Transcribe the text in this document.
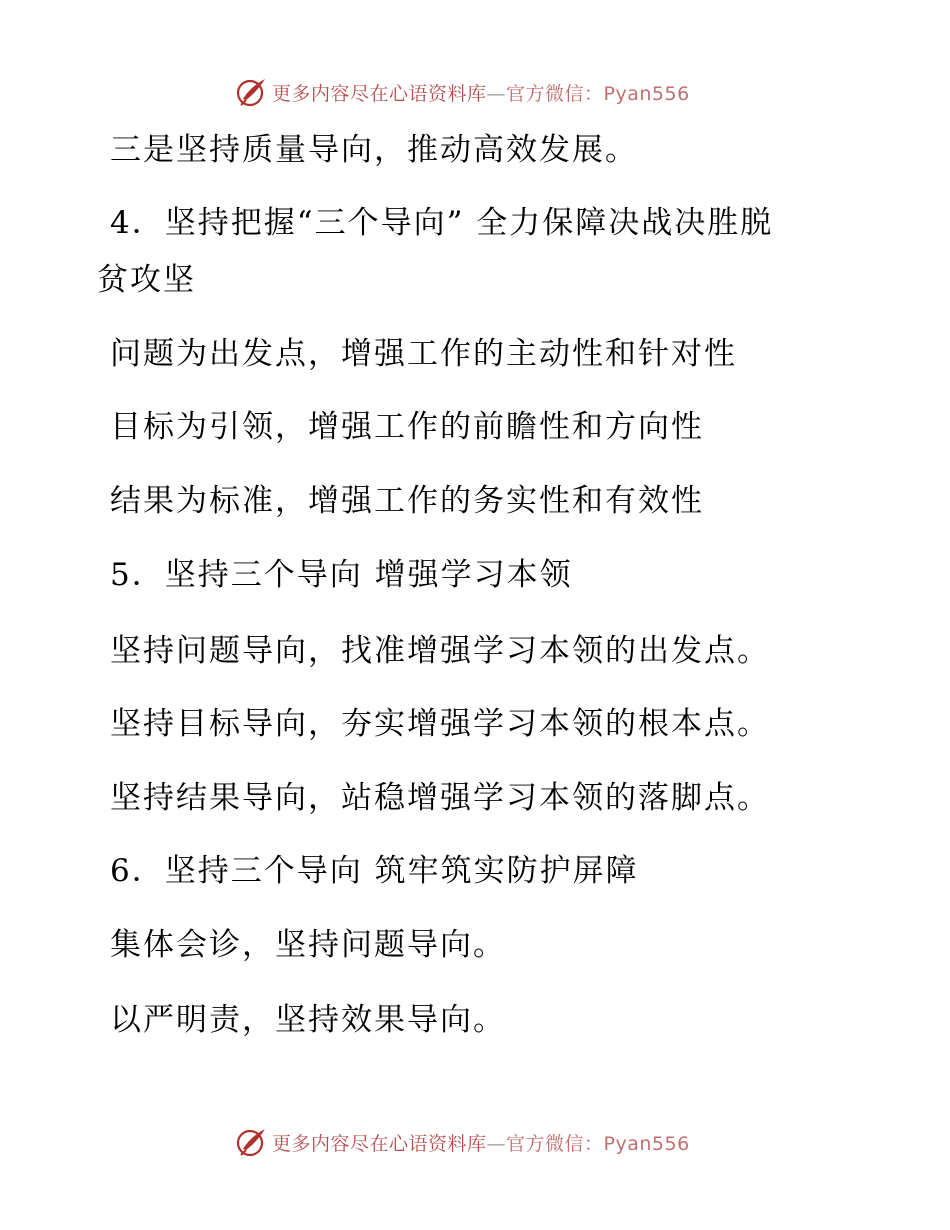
更多内容尽在心语资料库—官方微信：Pyan556
三是坚持质量导向，推动高效发展。
4．坚持把握“三个导向” 全力保障决战决胜脱
贫攻坚
问题为出发点，增强工作的主动性和针对性
目标为引领，增强工作的前瞻性和方向性
结果为标准，增强工作的务实性和有效性
5．坚持三个导向 增强学习本领
坚持问题导向，找准增强学习本领的出发点。
坚持目标导向，夯实增强学习本领的根本点。
坚持结果导向，站稳增强学习本领的落脚点。
6．坚持三个导向 筑牢筑实防护屏障
集体会诊，坚持问题导向。
以严明责，坚持效果导向。
更多内容尽在心语资料库—官方微信：Pyan556
